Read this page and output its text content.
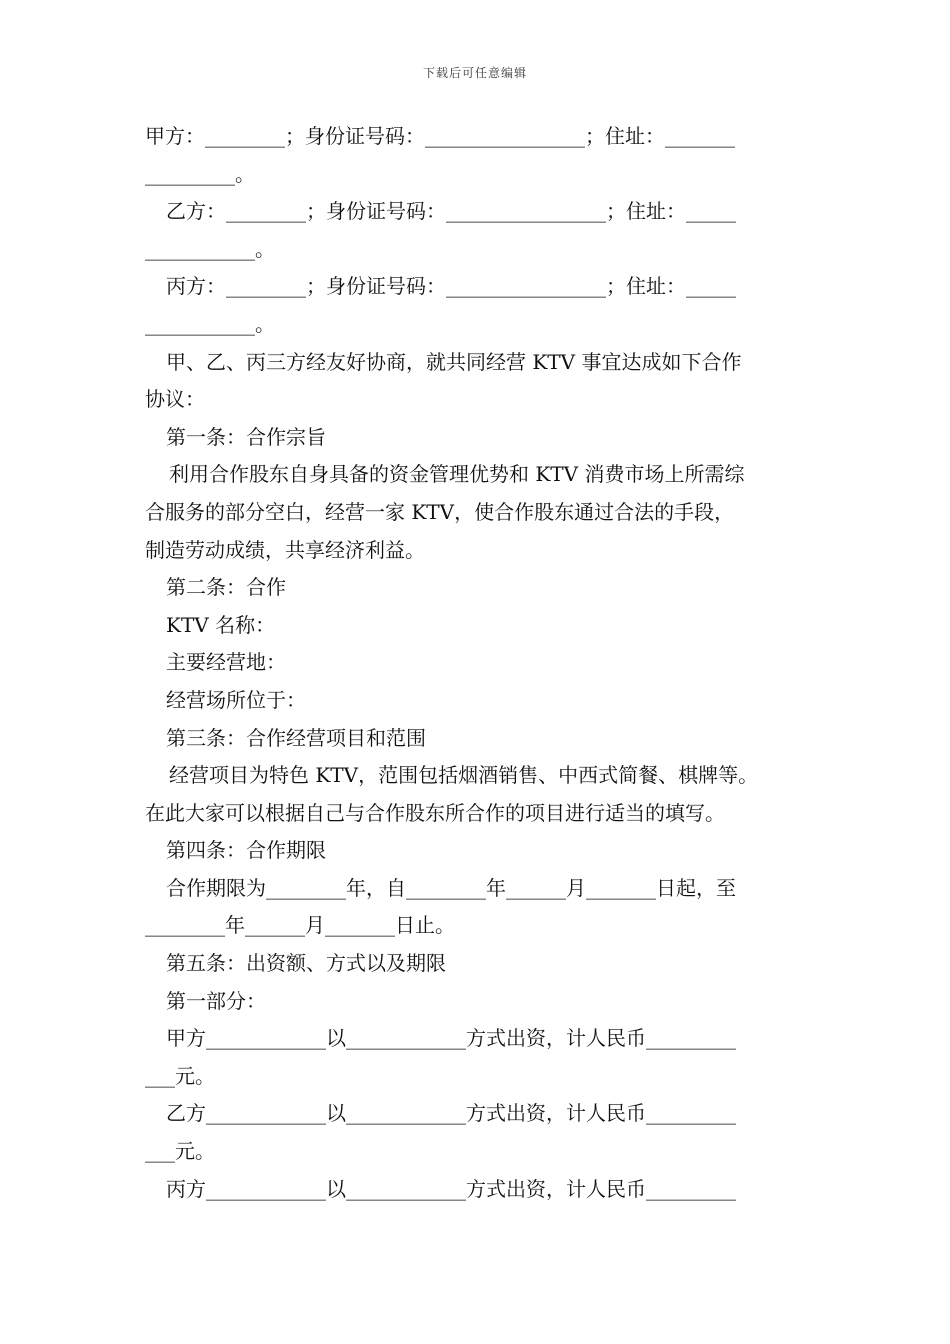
下载后可任意编辑
甲方：________；身份证号码：________________；住址：_______
_________。
乙方：________；身份证号码：________________；住址：_____
___________。
丙方：________；身份证号码：________________；住址：_____
___________。
甲、乙、丙三方经友好协商，就共同经营 KTV 事宜达成如下合作
协议：
第一条：合作宗旨
利用合作股东自身具备的资金管理优势和 KTV 消费市场上所需综
合服务的部分空白，经营一家 KTV，使合作股东通过合法的手段，
制造劳动成绩，共享经济利益。
第二条：合作
KTV 名称：
主要经营地：
经营场所位于：
第三条：合作经营项目和范围
经营项目为特色 KTV，范围包括烟酒销售、中西式简餐、棋牌等。
在此大家可以根据自己与合作股东所合作的项目进行适当的填写。
第四条：合作期限
合作期限为________年，自________年______月_______日起，至
________年______月_______日止。
第五条：出资额、方式以及期限
第一部分：
甲方____________以____________方式出资，计人民币_________
___元。
乙方____________以____________方式出资，计人民币_________
___元。
丙方____________以____________方式出资，计人民币_________
